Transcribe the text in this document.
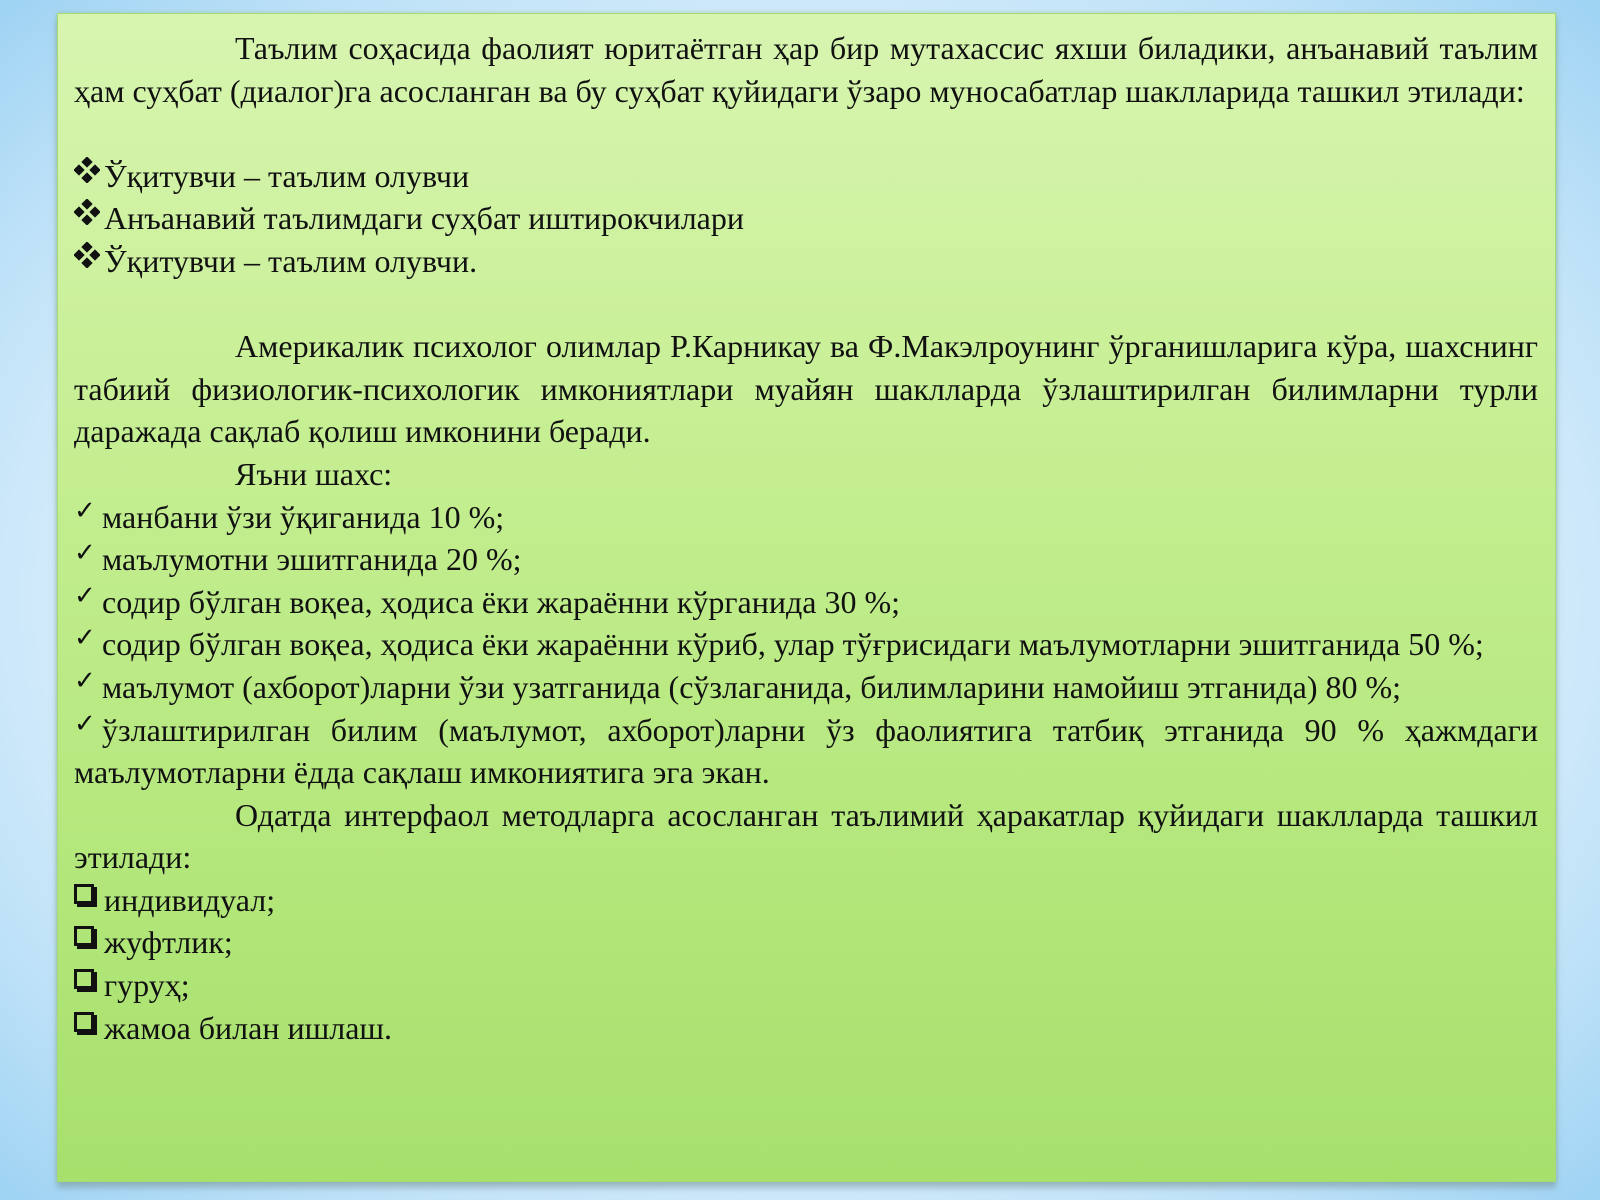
Таълим соҳасида фаолият юритаётган ҳар бир мутахассис яхши биладики, анъанавий таълим ҳам суҳбат (диалог)га асосланган ва бу суҳбат қуйидаги ўзаро муносабатлар шаклларида ташкил этилади:

Ўқитувчи – таълим олувчи
Анъанавий таълимдаги суҳбат иштирокчилари
Ўқитувчи – таълим олувчи.

Америкалик психолог олимлар Р.Карникау ва Ф.Макэлроунинг ўрганишларига кўра, шахснинг табиий физиологик-психологик имкониятлари муайян шаклларда ўзлаштирилган билимларни турли даражада сақлаб қолиш имконини беради.

Яъни шахс:

✓ манбани ўзи ўқиганида 10 %;
✓ маълумотни эшитганида 20 %;
✓ содир бўлган воқеа, ҳодиса ёки жараённи кўрганида 30 %;
✓ содир бўлган воқеа, ҳодиса ёки жараённи кўриб, улар тўғрисидаги маълумотларни эшитганида 50 %;
✓ маълумот (ахборот)ларни ўзи узатганида (сўзлаганида, билимларини намойиш этганида) 80 %;
✓ ўзлаштирилган билим (маълумот, ахборот)ларни ўз фаолиятига татбиқ этганида 90 % ҳажмдаги маълумотларни ёдда сақлаш имкониятига эга экан.

Одатда интерфаол методларга асосланган таълимий ҳаракатлар қуйидаги шаклларда ташкил этилади:

индивидуал;
жуфтлик;
гуруҳ;
жамоа билан ишлаш.
